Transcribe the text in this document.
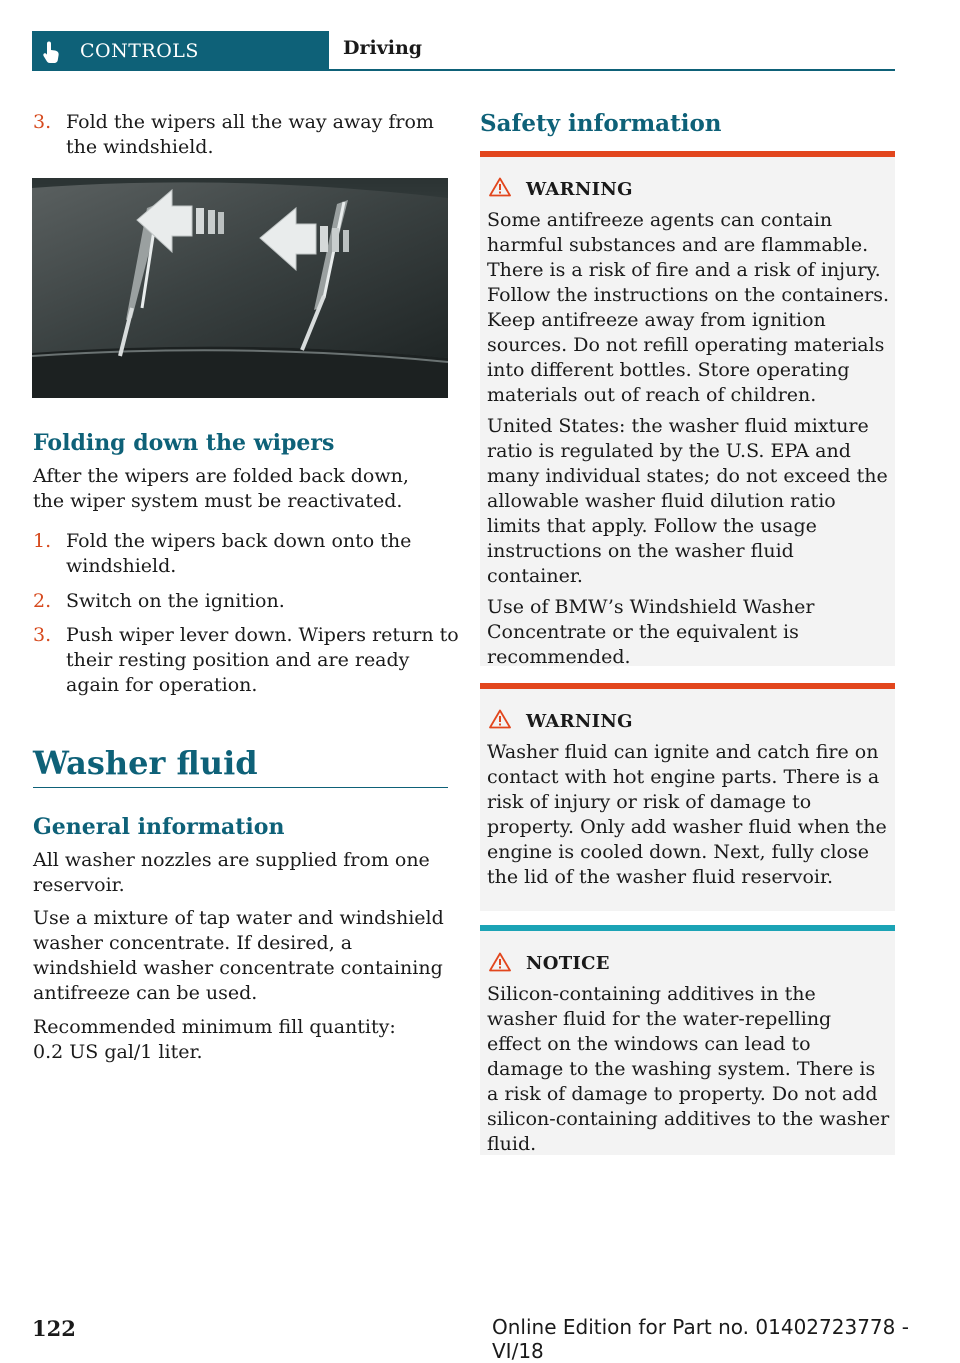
CONTROLS	Driving
3. Fold the wipers all the way away from the windshield.
Folding down the wipers

After the wipers are folded back down, the wiper system must be reactivated.

1. Fold the wipers back down onto the windshield.
2. Switch on the ignition.
3. Push wiper lever down. Wipers return to their resting position and are ready again for operation.
Washer fluid
General information

All washer nozzles are supplied from one reservoir.

Use a mixture of tap water and windshield washer concentrate. If desired, a windshield washer concentrate containing antifreeze can be used.

Recommended minimum fill quantity: 0.2 US gal/1 liter.

Safety information
WARNING

Some antifreeze agents can contain harmful substances and are flammable. There is a risk of fire and a risk of injury. Follow the instructions on the containers. Keep antifreeze away from ignition sources. Do not refill operating materials into different bottles. Store operating materials out of reach of children.

United States: the washer fluid mixture ratio is regulated by the U.S. EPA and many individual states; do not exceed the allowable washer fluid dilution ratio limits that apply. Follow the usage instructions on the washer fluid container.

Use of BMW’s Windshield Washer Concentrate or the equivalent is recommended.

WARNING

Washer fluid can ignite and catch fire on contact with hot engine parts. There is a risk of injury or risk of damage to property. Only add washer fluid when the engine is cooled down. Next, fully close the lid of the washer fluid reservoir.

NOTICE

Silicon-containing additives in the washer fluid for the water-repelling effect on the windows can lead to damage to the washing system. There is a risk of damage to property. Do not add silicon-containing additives to the washer fluid.

122	Online Edition for Part no. 01402723778 - VI/18
